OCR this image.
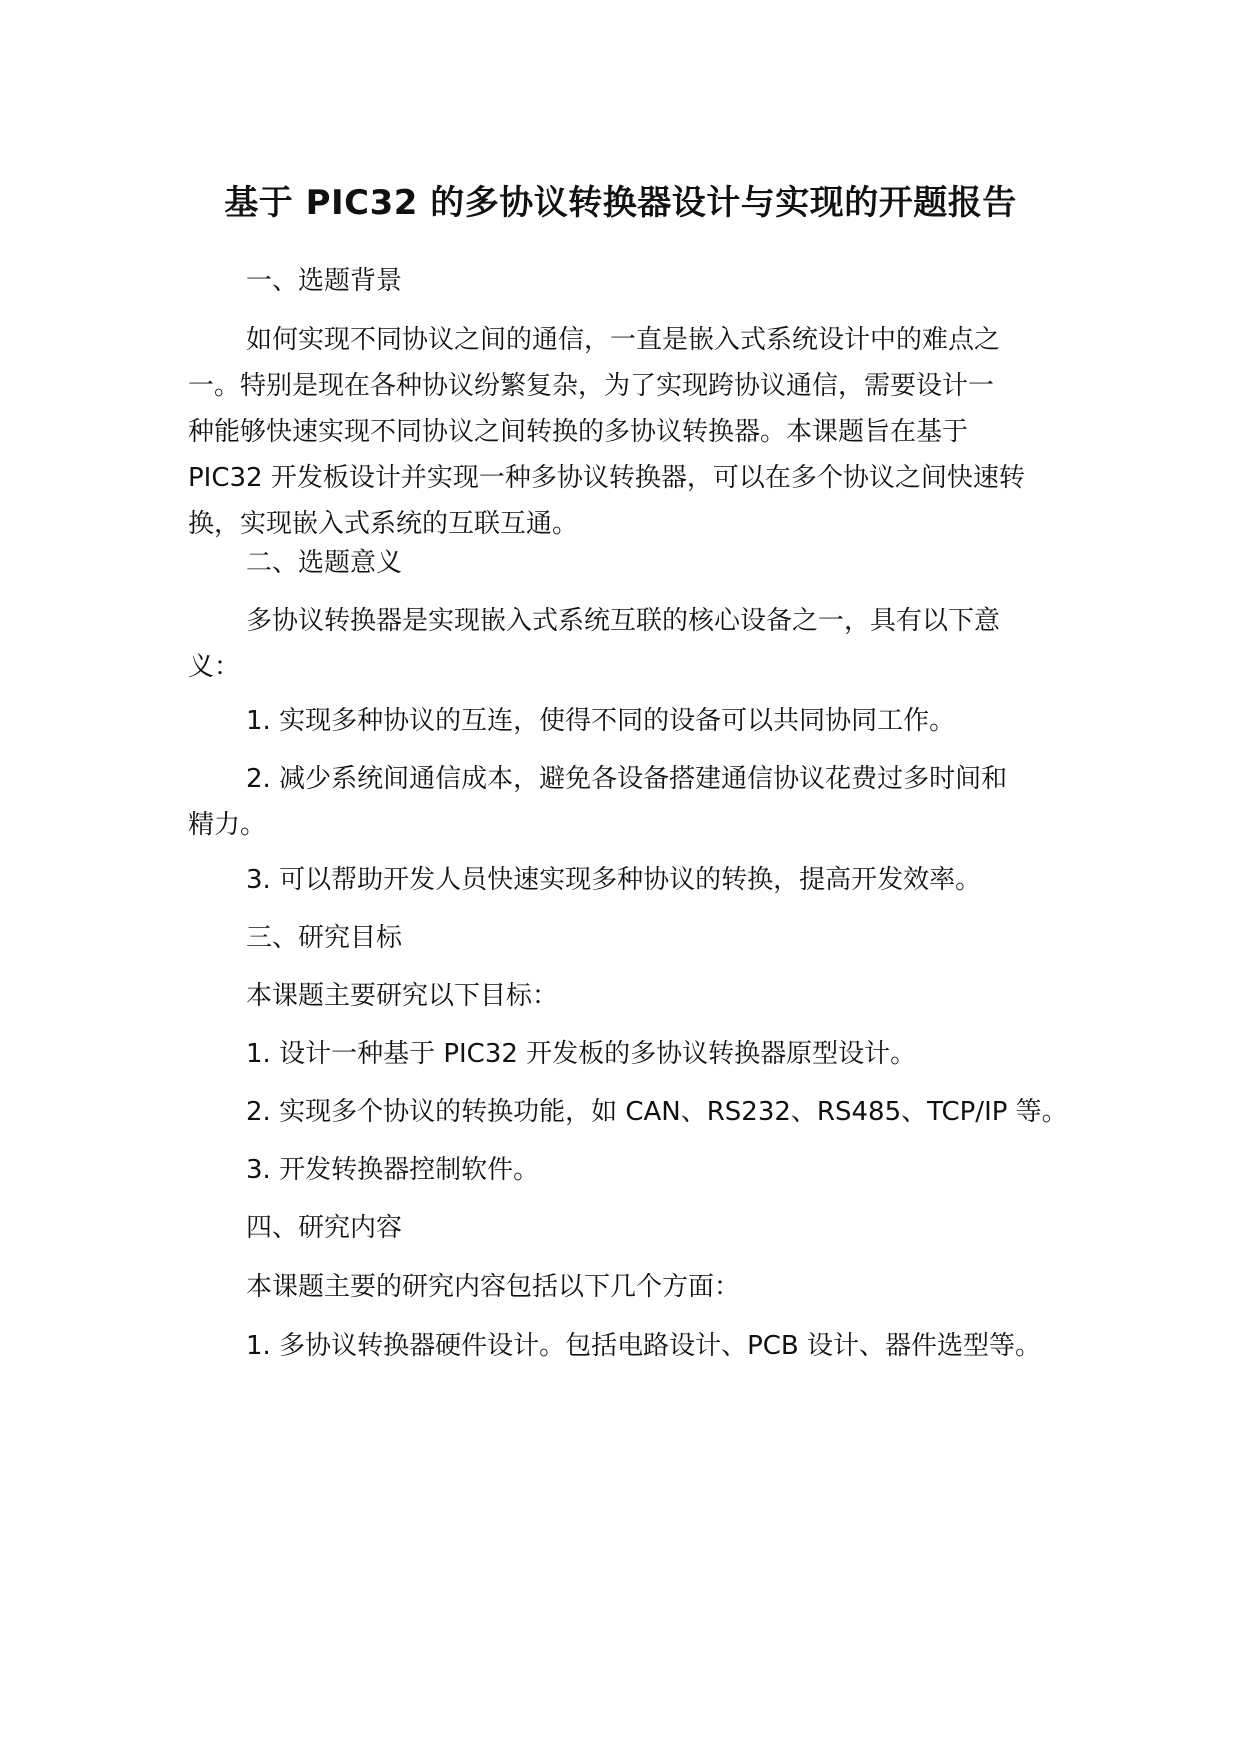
基于 PIC32 的多协议转换器设计与实现的开题报告

一、选题背景

如何实现不同协议之间的通信，一直是嵌入式系统设计中的难点之
一。特别是现在各种协议纷繁复杂，为了实现跨协议通信，需要设计一
种能够快速实现不同协议之间转换的多协议转换器。本课题旨在基于
PIC32 开发板设计并实现一种多协议转换器，可以在多个协议之间快速转
换，实现嵌入式系统的互联互通。

二、选题意义

多协议转换器是实现嵌入式系统互联的核心设备之一，具有以下意
义：

1. 实现多种协议的互连，使得不同的设备可以共同协同工作。

2. 减少系统间通信成本，避免各设备搭建通信协议花费过多时间和
精力。

3. 可以帮助开发人员快速实现多种协议的转换，提高开发效率。

三、研究目标

本课题主要研究以下目标：

1. 设计一种基于 PIC32 开发板的多协议转换器原型设计。

2. 实现多个协议的转换功能，如 CAN、RS232、RS485、TCP/IP 等。

3. 开发转换器控制软件。

四、研究内容

本课题主要的研究内容包括以下几个方面：

1. 多协议转换器硬件设计。包括电路设计、PCB 设计、器件选型等。
